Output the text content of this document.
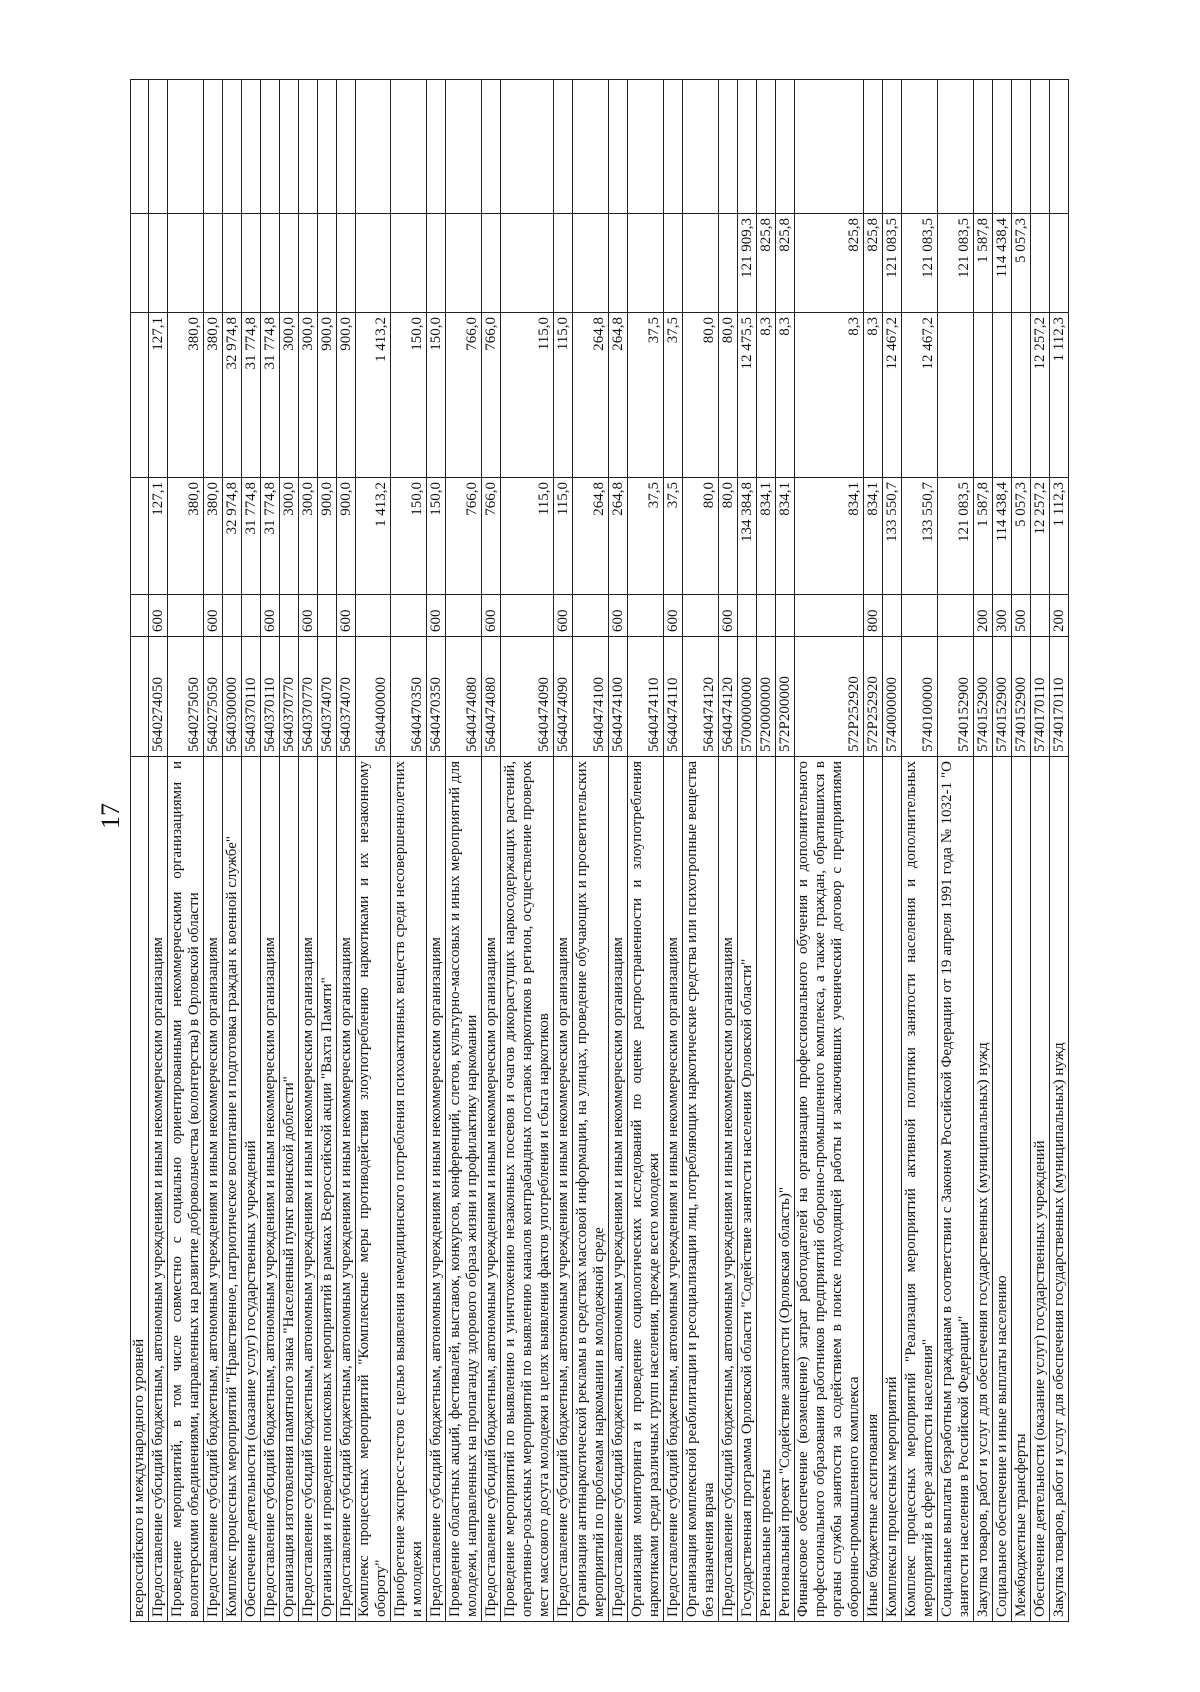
17
всероссийского и международного уровней						
Предоставление субсидий бюджетным, автономным учреждениям и иным некоммерческим организациям	5640274050	600	127,1	127,1		
Проведение мероприятий, в том числе совместно с социально ориентированными некоммерческими организациями и волонтерскими объединениями, направленных на развитие добровольчества (волонтерства) в Орловской области	5640275050		380,0	380,0		
Предоставление субсидий бюджетным, автономным учреждениям и иным некоммерческим организациям	5640275050	600	380,0	380,0		
Комплекс процессных мероприятий "Нравственное, патриотическое воспитание и подготовка граждан к военной службе"	5640300000		32 974,8	32 974,8		
Обеспечение деятельности (оказание услуг) государственных учреждений	5640370110		31 774,8	31 774,8		
Предоставление субсидий бюджетным, автономным учреждениям и иным некоммерческим организациям	5640370110	600	31 774,8	31 774,8		
Организация изготовления памятного знака "Населенный пункт воинской доблести"	5640370770		300,0	300,0		
Предоставление субсидий бюджетным, автономным учреждениям и иным некоммерческим организациям	5640370770	600	300,0	300,0		
Организация и проведение поисковых мероприятий в рамках Всероссийской акции "Вахта Памяти"	5640374070		900,0	900,0		
Предоставление субсидий бюджетным, автономным учреждениям и иным некоммерческим организациям	5640374070	600	900,0	900,0		
Комплекс процессных мероприятий "Комплексные меры противодействия злоупотреблению наркотиками и их незаконному обороту"	5640400000		1 413,2	1 413,2		
Приобретение экспресс-тестов с целью выявления немедицинского потребления психоактивных веществ среди несовершеннолетних и молодежи	5640470350		150,0	150,0		
Предоставление субсидий бюджетным, автономным учреждениям и иным некоммерческим организациям	5640470350	600	150,0	150,0		
Проведение областных акций, фестивалей, выставок, конкурсов, конференций, слетов, культурно-массовых и иных мероприятий для молодежи, направленных на пропаганду здорового образа жизни и профилактику наркомании	5640474080		766,0	766,0		
Предоставление субсидий бюджетным, автономным учреждениям и иным некоммерческим организациям	5640474080	600	766,0	766,0		
Проведение мероприятий по выявлению и уничтожению незаконных посевов и очагов дикорастущих наркосодержащих растений, оперативно-розыскных мероприятий по выявлению каналов контрабандных поставок наркотиков в регион, осуществление проверок мест массового досуга молодежи в целях выявления фактов употребления и сбыта наркотиков	5640474090		115,0	115,0		
Предоставление субсидий бюджетным, автономным учреждениям и иным некоммерческим организациям	5640474090	600	115,0	115,0		
Организация антинаркотической рекламы в средствах массовой информации, на улицах, проведение обучающих и просветительских мероприятий по проблемам наркомании в молодежной среде	5640474100		264,8	264,8		
Предоставление субсидий бюджетным, автономным учреждениям и иным некоммерческим организациям	5640474100	600	264,8	264,8		
Организация мониторинга и проведение социологических исследований по оценке распространенности и злоупотребления наркотиками среди различных групп населения, прежде всего молодежи	5640474110		37,5	37,5		
Предоставление субсидий бюджетным, автономным учреждениям и иным некоммерческим организациям	5640474110	600	37,5	37,5		
Организация комплексной реабилитации и ресоциализации лиц, потребляющих наркотические средства или психотропные вещества без назначения врача	5640474120		80,0	80,0		
Предоставление субсидий бюджетным, автономным учреждениям и иным некоммерческим организациям	5640474120	600	80,0	80,0		
Государственная программа Орловской области "Содействие занятости населения Орловской области"	5700000000		134 384,8	12 475,5	121 909,3	
Региональные проекты	5720000000		834,1	8,3	825,8	
Региональный проект "Содействие занятости (Орловская область)"	572P200000		834,1	8,3	825,8	
Финансовое обеспечение (возмещение) затрат работодателей на организацию профессионального обучения и дополнительного профессионального образования работников предприятий оборонно-промышленного комплекса, а также граждан, обратившихся в органы службы занятости за содействием в поиске подходящей работы и заключивших ученический договор с предприятиями оборонно-промышленного комплекса	572P252920		834,1	8,3	825,8	
Иные бюджетные ассигнования	572P252920	800	834,1	8,3	825,8	
Комплексы процессных мероприятий	5740000000		133 550,7	12 467,2	121 083,5	
Комплекс процессных мероприятий "Реализация мероприятий активной политики занятости населения и дополнительных мероприятий в сфере занятости населения"	5740100000		133 550,7	12 467,2	121 083,5	
Социальные выплаты безработным гражданам в соответствии с Законом Российской Федерации от 19 апреля 1991 года № 1032-1 "О занятости населения в Российской Федерации"	5740152900		121 083,5		121 083,5	
Закупка товаров, работ и услуг для обеспечения государственных (муниципальных) нужд	5740152900	200	1 587,8		1 587,8	
Социальное обеспечение и иные выплаты населению	5740152900	300	114 438,4		114 438,4	
Межбюджетные трансферты	5740152900	500	5 057,3		5 057,3	
Обеспечение деятельности (оказание услуг) государственных учреждений	5740170110		12 257,2	12 257,2		
Закупка товаров, работ и услуг для обеспечения государственных (муниципальных) нужд	5740170110	200	1 112,3	1 112,3		
